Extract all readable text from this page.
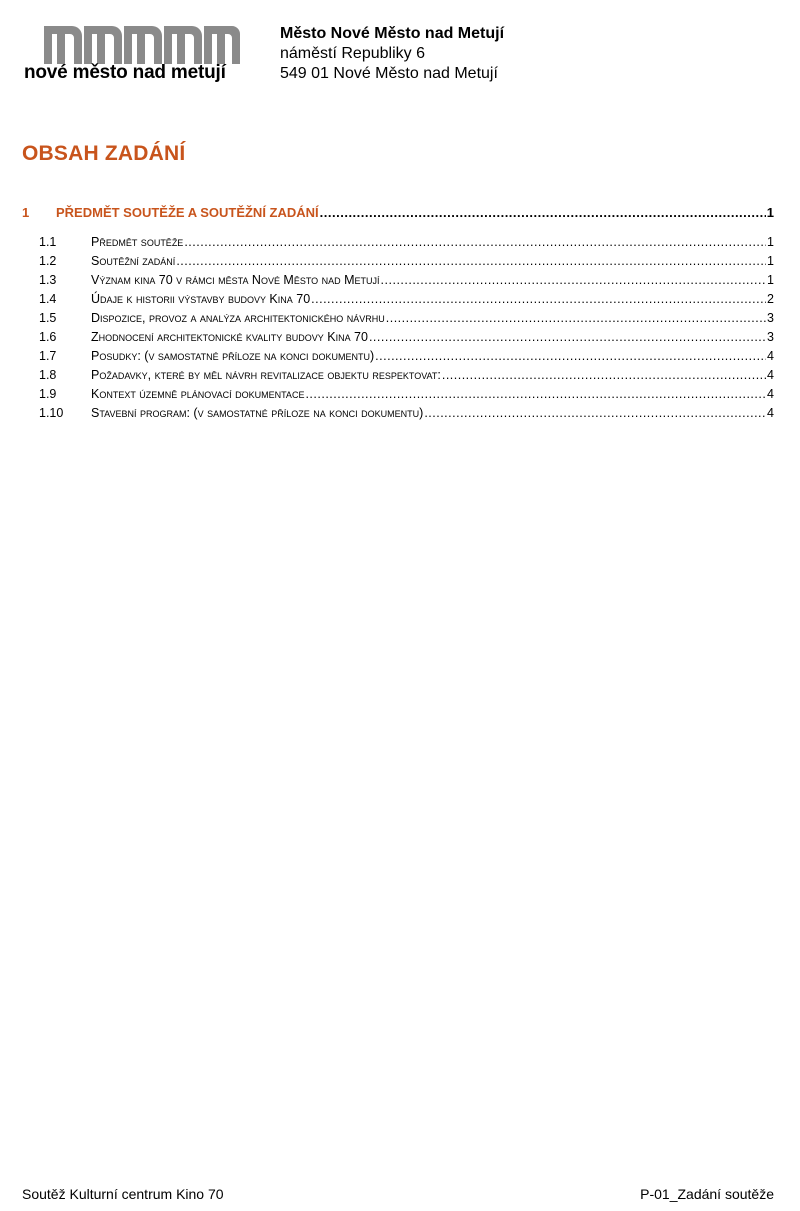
nové město nad metují
Město Nové Město nad Metují
náměstí Republiky 6
549 01 Nové Město nad Metují
OBSAH ZADÁNÍ
1	PŘEDMĚT SOUTĚŽE A SOUTĚŽNÍ ZADÁNÍ .....	1
1.1	Předmět soutěže .....	1
1.2	Soutěžní zadání .....	1
1.3	Význam kina 70 v rámci města Nové Město nad Metují .....	1
1.4	Údaje k historii výstavby budovy Kina 70 .....	2
1.5	Dispozice, provoz a analýza architektonického návrhu .....	3
1.6	Zhodnocení architektonické kvality budovy Kina 70 .....	3
1.7	Posudky: (v samostatné příloze na konci dokumentu) .....	4
1.8	Požadavky, které by měl návrh revitalizace objektu respektovat: .....	4
1.9	Kontext územně plánovací dokumentace .....	4
1.10	Stavební program: (v samostatné příloze na konci dokumentu) .....	4
Soutěž Kulturní centrum Kino 70	P-01_Zadání soutěže
